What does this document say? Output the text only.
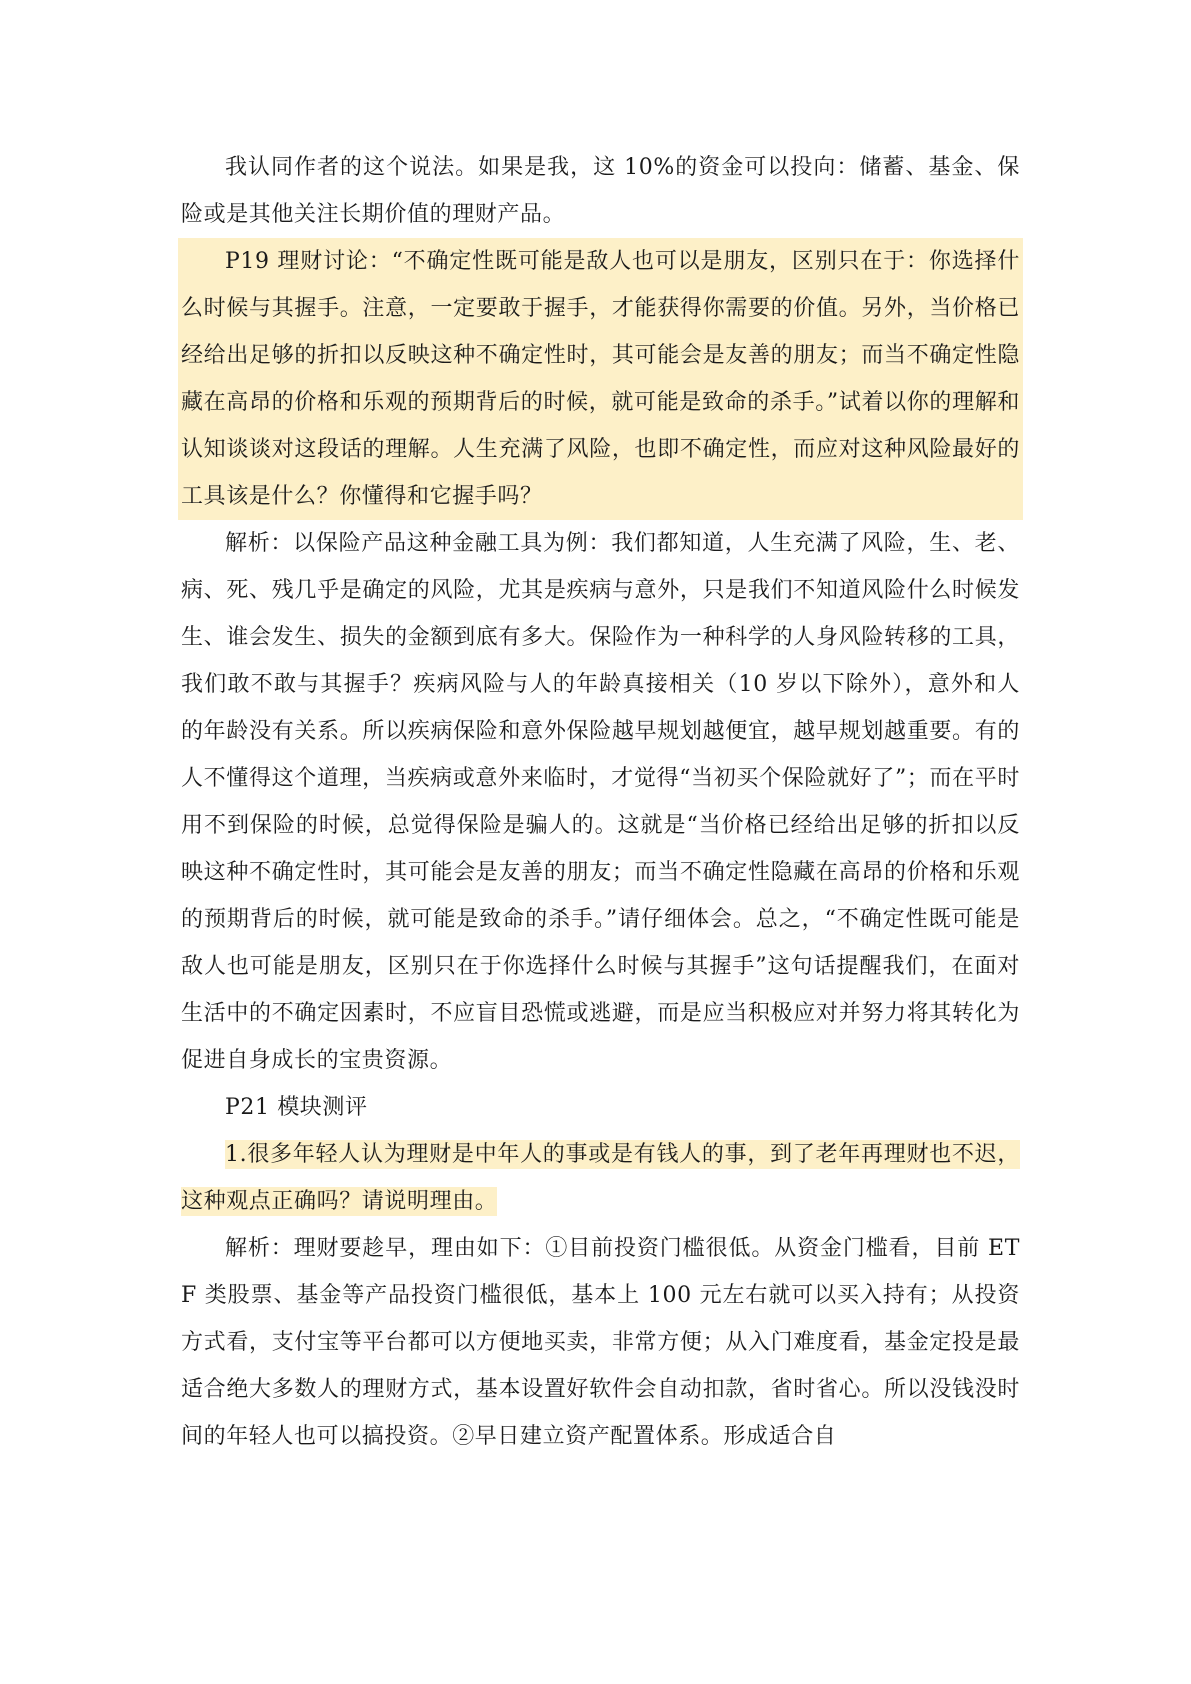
我认同作者的这个说法。如果是我，这 10%的资金可以投向：储蓄、基金、保险或是其他关注长期价值的理财产品。

P19 理财讨论：“不确定性既可能是敌人也可以是朋友，区别只在于：你选择什么时候与其握手。注意，一定要敢于握手，才能获得你需要的价值。另外，当价格已经给出足够的折扣以反映这种不确定性时，其可能会是友善的朋友；而当不确定性隐藏在高昂的价格和乐观的预期背后的时候，就可能是致命的杀手。”试着以你的理解和认知谈谈对这段话的理解。人生充满了风险，也即不确定性，而应对这种风险最好的工具该是什么？你懂得和它握手吗？

解析：以保险产品这种金融工具为例：我们都知道，人生充满了风险，生、老、病、死、残几乎是确定的风险，尤其是疾病与意外，只是我们不知道风险什么时候发生、谁会发生、损失的金额到底有多大。保险作为一种科学的人身风险转移的工具，我们敢不敢与其握手？疾病风险与人的年龄真接相关（10 岁以下除外），意外和人的年龄没有关系。所以疾病保险和意外保险越早规划越便宜，越早规划越重要。有的人不懂得这个道理，当疾病或意外来临时，才觉得“当初买个保险就好了”；而在平时用不到保险的时候，总觉得保险是骗人的。这就是“当价格已经给出足够的折扣以反映这种不确定性时，其可能会是友善的朋友；而当不确定性隐藏在高昂的价格和乐观的预期背后的时候，就可能是致命的杀手。”请仔细体会。总之，“不确定性既可能是敌人也可能是朋友，区别只在于你选择什么时候与其握手”这句话提醒我们，在面对生活中的不确定因素时，不应盲目恐慌或逃避，而是应当积极应对并努力将其转化为促进自身成长的宝贵资源。

P21 模块测评

1.很多年轻人认为理财是中年人的事或是有钱人的事，到了老年再理财也不迟，这种观点正确吗？请说明理由。

解析：理财要趁早，理由如下：①目前投资门槛很低。从资金门槛看，目前 ETF 类股票、基金等产品投资门槛很低，基本上 100 元左右就可以买入持有；从投资方式看，支付宝等平台都可以方便地买卖，非常方便；从入门难度看，基金定投是最适合绝大多数人的理财方式，基本设置好软件会自动扣款，省时省心。所以没钱没时间的年轻人也可以搞投资。②早日建立资产配置体系。形成适合自
